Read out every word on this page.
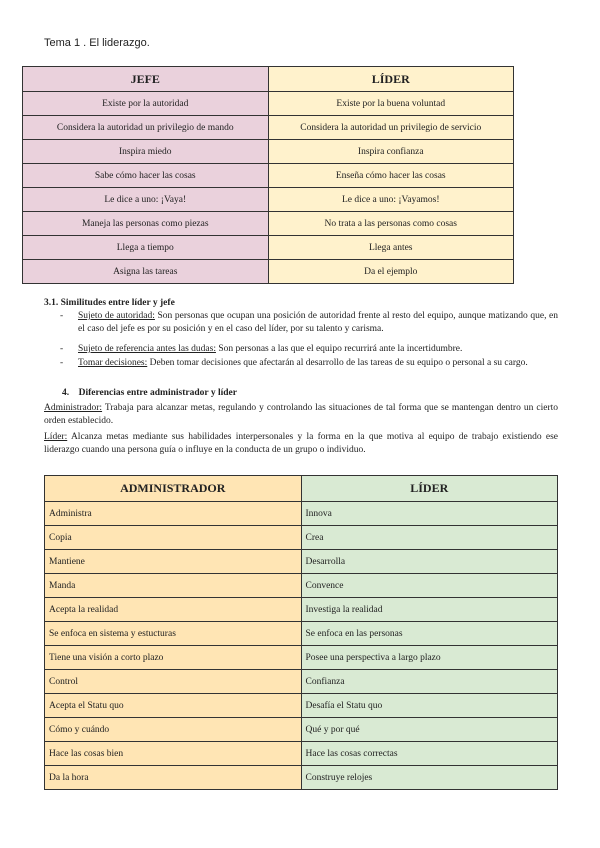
Tema 1 . El liderazgo.
JEFE	LÍDER
Existe por la autoridad	Existe por la buena voluntad
Considera la autoridad un privilegio de mando	Considera la autoridad un privilegio de servicio
Inspira miedo	Inspira confianza
Sabe cómo hacer las cosas	Enseña cómo hacer las cosas
Le dice a uno: ¡Vaya!	Le dice a uno: ¡Vayamos!
Maneja las personas como piezas	No trata a las personas como cosas
Llega a tiempo	Llega antes
Asigna las tareas	Da el ejemplo
3.1. Similitudes entre líder y jefe
- Sujeto de autoridad: Son personas que ocupan una posición de autoridad frente al resto del equipo, aunque matizando que, en el caso del jefe es por su posición y en el caso del líder, por su talento y carisma.
- Sujeto de referencia antes las dudas: Son personas a las que el equipo recurrirá ante la incertidumbre.
- Tomar decisiones: Deben tomar decisiones que afectarán al desarrollo de las tareas de su equipo o personal a su cargo.
4.    Diferencias entre administrador y líder
Administrador: Trabaja para alcanzar metas, regulando y controlando las situaciones de tal forma que se mantengan dentro un cierto orden establecido.
Líder: Alcanza metas mediante sus habilidades interpersonales y la forma en la que motiva al equipo de trabajo existiendo ese liderazgo cuando una persona guía o influye en la conducta de un grupo o individuo.
ADMINISTRADOR	LÍDER
Administra	Innova
Copia	Crea
Mantiene	Desarrolla
Manda	Convence
Acepta la realidad	Investiga la realidad
Se enfoca en sistema y estucturas	Se enfoca en las personas
Tiene una visión a corto plazo	Posee una perspectiva a largo plazo
Control	Confianza
Acepta el Statu quo	Desafía el Statu quo
Cómo y cuándo	Qué y por qué
Hace las cosas bien	Hace las cosas correctas
Da la hora	Construye relojes
